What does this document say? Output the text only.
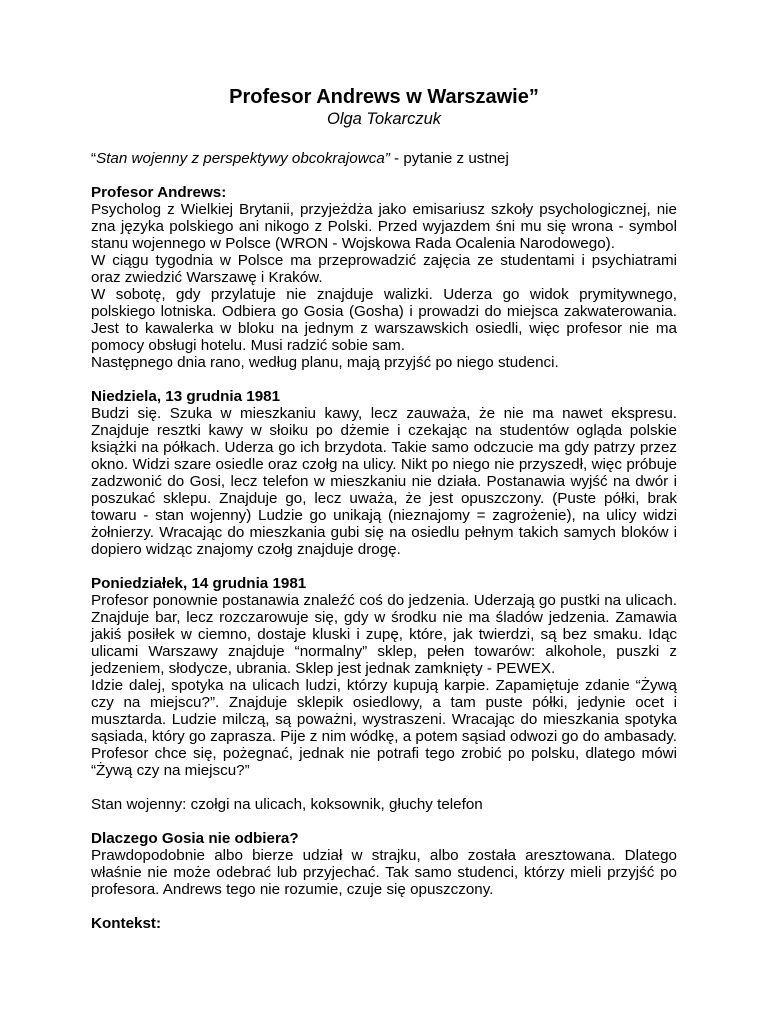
Profesor Andrews w Warszawie”

Olga Tokarczuk

“Stan wojenny z perspektywy obcokrajowca” - pytanie z ustnej

Profesor Andrews:

Psycholog z Wielkiej Brytanii, przyjeżdża jako emisariusz szkoły psychologicznej, nie zna języka polskiego ani nikogo z Polski. Przed wyjazdem śni mu się wrona - symbol stanu wojennego w Polsce (WRON - Wojskowa Rada Ocalenia Narodowego).

W ciągu tygodnia w Polsce ma przeprowadzić zajęcia ze studentami i psychiatrami oraz zwiedzić Warszawę i Kraków.

W sobotę, gdy przylatuje nie znajduje walizki. Uderza go widok prymitywnego, polskiego lotniska. Odbiera go Gosia (Gosha) i prowadzi do miejsca zakwaterowania. Jest to kawalerka w bloku na jednym z warszawskich osiedli, więc profesor nie ma pomocy obsługi hotelu. Musi radzić sobie sam.

Następnego dnia rano, według planu, mają przyjść po niego studenci.

Niedziela, 13 grudnia 1981

Budzi się. Szuka w mieszkaniu kawy, lecz zauważa, że nie ma nawet ekspresu. Znajduje resztki kawy w słoiku po dżemie i czekając na studentów ogląda polskie książki na półkach. Uderza go ich brzydota. Takie samo odczucie ma gdy patrzy przez okno. Widzi szare osiedle oraz czołg na ulicy. Nikt po niego nie przyszedł, więc próbuje zadzwonić do Gosi, lecz telefon w mieszkaniu nie działa. Postanawia wyjść na dwór i poszukać sklepu. Znajduje go, lecz uważa, że jest opuszczony. (Puste półki, brak towaru - stan wojenny) Ludzie go unikają (nieznajomy = zagrożenie), na ulicy widzi żołnierzy. Wracając do mieszkania gubi się na osiedlu pełnym takich samych bloków i dopiero widząc znajomy czołg znajduje drogę.

Poniedziałek, 14 grudnia 1981

Profesor ponownie postanawia znaleźć coś do jedzenia. Uderzają go pustki na ulicach. Znajduje bar, lecz rozczarowuje się, gdy w środku nie ma śladów jedzenia. Zamawia jakiś posiłek w ciemno, dostaje kluski i zupę, które, jak twierdzi, są bez smaku. Idąc ulicami Warszawy znajduje “normalny” sklep, pełen towarów: alkohole, puszki z jedzeniem, słodycze, ubrania. Sklep jest jednak zamknięty - PEWEX.

Idzie dalej, spotyka na ulicach ludzi, którzy kupują karpie. Zapamiętuje zdanie “Żywą czy na miejscu?”. Znajduje sklepik osiedlowy, a tam puste półki, jedynie ocet i musztarda. Ludzie milczą, są poważni, wystraszeni. Wracając do mieszkania spotyka sąsiada, który go zaprasza. Pije z nim wódkę, a potem sąsiad odwozi go do ambasady. Profesor chce się, pożegnać, jednak nie potrafi tego zrobić po polsku, dlatego mówi “Żywą czy na miejscu?”

Stan wojenny: czołgi na ulicach, koksownik, głuchy telefon

Dlaczego Gosia nie odbiera?

Prawdopodobnie albo bierze udział w strajku, albo została aresztowana. Dlatego właśnie nie może odebrać lub przyjechać. Tak samo studenci, którzy mieli przyjść po profesora. Andrews tego nie rozumie, czuje się opuszczony.

Kontekst:
